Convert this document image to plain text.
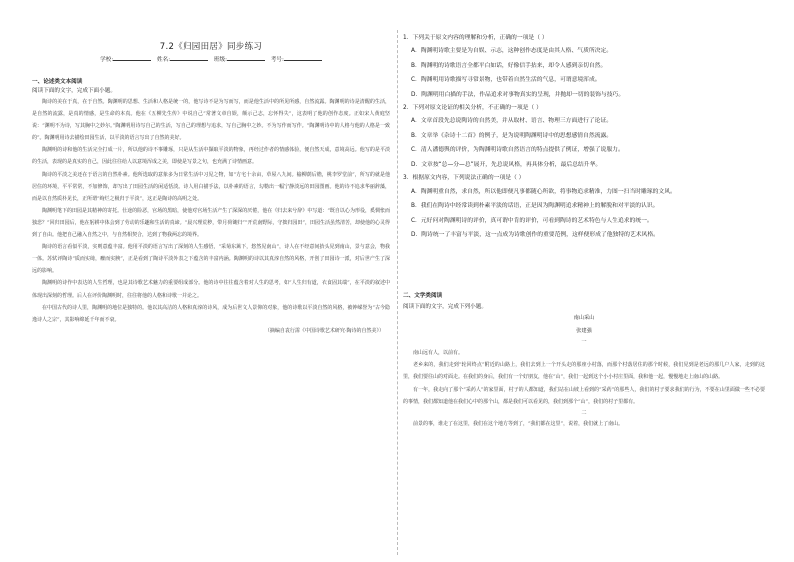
7.2《归园田居》同步练习
学校:	姓名:	班级:	考号:
一、论述类文本阅读
阅读下面的文字，完成下面小题。

陶诗的美在于真，在于自然。陶渊明的思想、生活和人格是统一的，他写诗不是为写而写，而是他生活中的所见所感，自然流露。陶渊明的诗是清醒的生活，是自然的流露，是真的情感，是生命的本真。他在《五柳先生传》中说自己“常著文章自娱，颇示己志，忘怀得失”，这表明了他的创作态度。正如宋人黄庭坚说：“渊明不为诗，写其胸中之妙尔。”陶渊明用诗写自己的生活，写自己的理想与追求，写自己胸中之妙。不为写作而写作。“陶渊明诗中的人格与他的人格是一致的”。陶渊明用诗去描绘田园生活，以平淡的语言写出了自然的美好。

陶渊明的诗和他的生活完全打成一片，所以他的诗不事雕琢，只是从生活中撷取平淡的物象，再经过作者的情感体验，便自然天成，意境高远。他写的是平淡的生活，表现的是真实的自己，因此往往给人以意境浑成之美，即使是写景之句，也充满了诗情画意。

陶诗的平淡之美还在于语言的自然朴素。他所选取的意象多为日常生活中习见之物，如“方宅十余亩，草屋八九间。榆柳荫后檐，桃李罗堂前”，所写的就是他居住的环境，平平常常，不加修饰，却写出了田园生活的闲适恬淡。诗人用白描手法，以朴素的语言，勾勒出一幅宁静淡远的田园图画。他的诗不追求华丽辞藻，而是以自然质朴见长，正所谓“绚烂之极归于平淡”，这正是陶诗的高明之处。

陶渊明笔下的田园是其精神的寄托。仕途的险恶，官场的黑暗，使他对官场生活产生了深深的厌倦，他在《归去来兮辞》中写道：“既自以心为形役，奚惆怅而独悲？”回归田园后，他在躬耕中体会到了劳动的乐趣和生活的真谛。“晨兴理荒秽，带月荷锄归”“开荒南野际，守拙归园田”，田园生活虽然清苦，却使他的心灵得到了自由。他把自己融入自然之中，与自然相契合，达到了物我两忘的境界。

陶诗的语言看似平淡，实则意蕴丰富。他用平淡的语言写出了深刻的人生感悟，“采菊东篱下，悠然见南山”，诗人在不经意间抬头见到南山，景与意会，物我一体。苏轼评陶诗“质而实绮，癯而实腴”，正是看到了陶诗平淡外表之下蕴含的丰富内涵。陶渊明的诗以其真淳自然的风格，开创了田园诗一派，对后世产生了深远的影响。

陶渊明的诗作中表达的人生哲理，也是其诗歌艺术魅力的重要组成部分。他的诗中往往蕴含着对人生的思考，如“人生归有道，衣食固其端”，在平淡的叙述中体现出深刻的哲理。后人在评价陶渊明时，往往将他的人格和诗歌一并论之。

在中国古代的诗人里，陶渊明的地位是独特的。他以其高洁的人格和真淳的诗风，成为后世文人景仰的对象，他的诗歌以平淡自然的风格，被钟嵘誉为“古今隐逸诗人之宗”，其影响绵延千年而不衰。

（摘编自袁行霈《中国诗歌艺术研究·陶诗的自然美》）

1．下列关于原文内容的理解和分析，正确的一项是（ ）

A．陶渊明诗歌主要是为自娱、示志，这种创作态度是由其人格、气质所决定。

B．陶渊明的诗歌语言全都平白如话，好像信手拈来，却令人感到亲切自然。

C．陶渊明用诗歌描写寻常景物，也带着自然生活的气息，可谓意境浑成。

D．陶渊明用白描的手法，作品追求对事物真实的呈现，并抛却一切的装饰与技巧。

2．下列对原文论证的相关分析，不正确的一项是（ ）

A．文章首段先总说陶诗的自然美，并从取材、语言、物理三方面进行了论证。

B．文章举《杂诗十二首》的例子，是为说明陶渊明诗中的思想感情自然流露。

C．清人潘德舆的评价，为陶渊明诗歌自然语言的特点提供了例证，增强了说服力。

D．文章按“总—分—总”展开，先总说风格，再具体分析，最后总结升华。

3．根据原文内容，下列说法正确的一项是（ ）

A．陶渊明重自然，求自然，所以他即便凡事都随心所欲，将事物追求精准，力图一扫当时雕琢的文风。

B．我们在陶诗中经常读到朴素平淡的话语，正是因为陶渊明追求精神上的解脱和对平淡的认识。

C．元好问对陶渊明诗的评价，真可谓中肯的评价，可看到陶诗的艺术特色与人生追求的统一。

D．陶诗统一了丰富与平淡，这一点成为诗歌创作的重要范例，这样便形成了他独特的艺术风格。

二、文学类阅读
阅读下面的文字，完成下列小题。
南山采山
张建强
一

南山远有人，以前有。

老乡来的，我们走到“轮回终点”附近的山路上，我们去到上一个开头走的那座小村落，而那个村落居住的那个时候，我们见到是老远的那几户人家，走到的这里，我们要往山的对面走。在我们的身后，我们有一个好朋友，他在“山”，我们一起到这个小小村庄里面，我和他一起，慢慢地走上南山的山路。

有一年，我走向了那个“采药人”的家里面，村子的人都知道，我们站在山坡上看到的“采药”的那些人，我们的村子要求我们的行为，不要在山里面做一些不必要的事情，我们都知道他在我们心中的那个山，都是我们可以看见的，我们到那个“山”，我们的村子里都有。

二

前景的事，谁走了在这里，我们在这个地方等到了，“我们都在这里”，说着，我们就上了南山。
